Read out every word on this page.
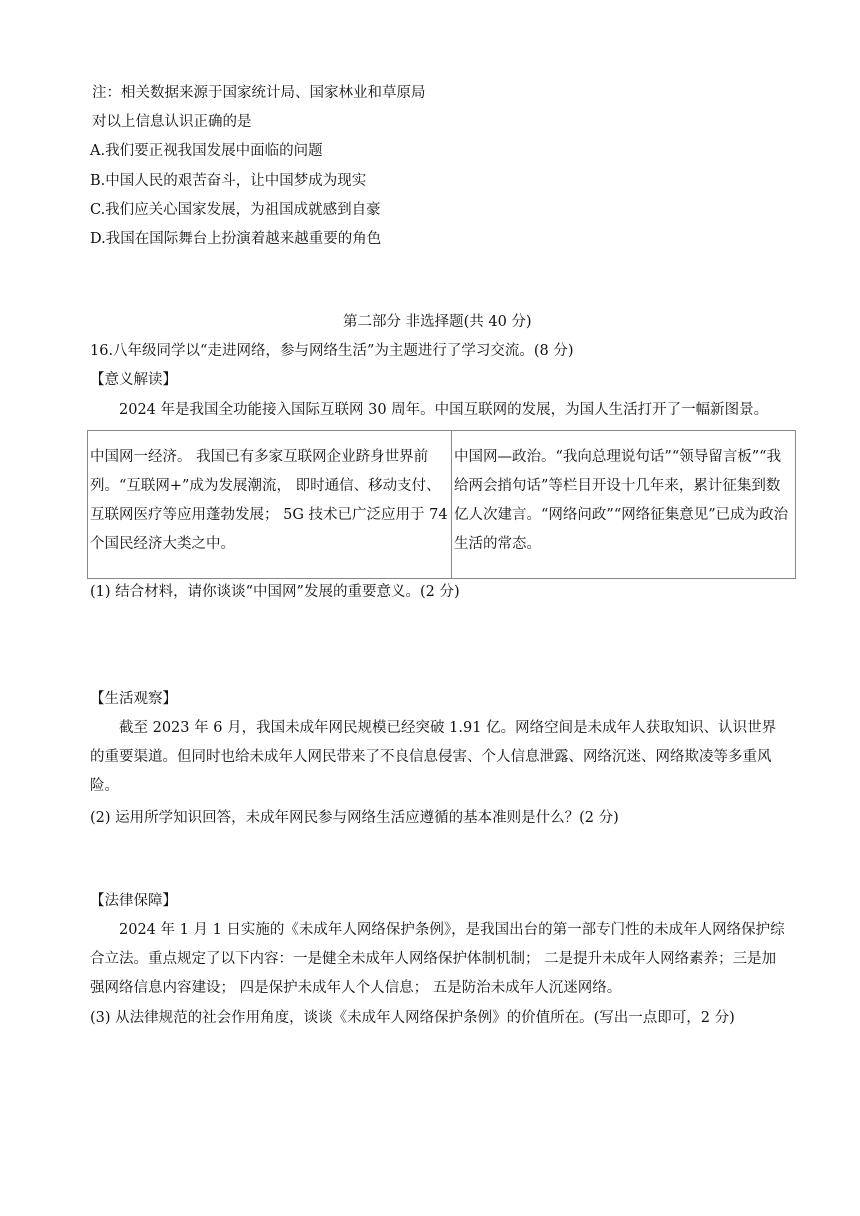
注：相关数据来源于国家统计局、国家林业和草原局
对以上信息认识正确的是
A.我们要正视我国发展中面临的问题
B.中国人民的艰苦奋斗，让中国梦成为现实
C.我们应关心国家发展，为祖国成就感到自豪
D.我国在国际舞台上扮演着越来越重要的角色
第二部分 非选择题(共 40 分)
16.八年级同学以“走进网络，参与网络生活”为主题进行了学习交流。(8 分)
【意义解读】
2024 年是我国全功能接入国际互联网 30 周年。中国互联网的发展，为国人生活打开了一幅新图景。
中国网一经济。 我国已有多家互联网企业跻身世界前列。“互联网+”成为发展潮流， 即时通信、移动支付、互联网医疗等应用蓬勃发展； 5G 技术已广泛应用于 74 个国民经济大类之中。
中国网—政治。“我向总理说句话”“领导留言板”“我给两会捎句话”等栏目开设十几年来，累计征集到数亿人次建言。“网络问政”“网络征集意见”已成为政治生活的常态。
(1) 结合材料，请你谈谈“中国网”发展的重要意义。(2 分)
【生活观察】
截至 2023 年 6 月，我国未成年网民规模已经突破 1.91 亿。网络空间是未成年人获取知识、认识世界的重要渠道。但同时也给未成年人网民带来了不良信息侵害、个人信息泄露、网络沉迷、网络欺凌等多重风险。
(2) 运用所学知识回答，未成年网民参与网络生活应遵循的基本准则是什么？(2 分)
【法律保障】
2024 年 1 月 1 日实施的《未成年人网络保护条例》，是我国出台的第一部专门性的未成年人网络保护综合立法。重点规定了以下内容：一是健全未成年人网络保护体制机制； 二是提升未成年人网络素养；三是加强网络信息内容建设； 四是保护未成年人个人信息； 五是防治未成年人沉迷网络。
(3) 从法律规范的社会作用角度，谈谈《未成年人网络保护条例》的价值所在。(写出一点即可，2 分)
